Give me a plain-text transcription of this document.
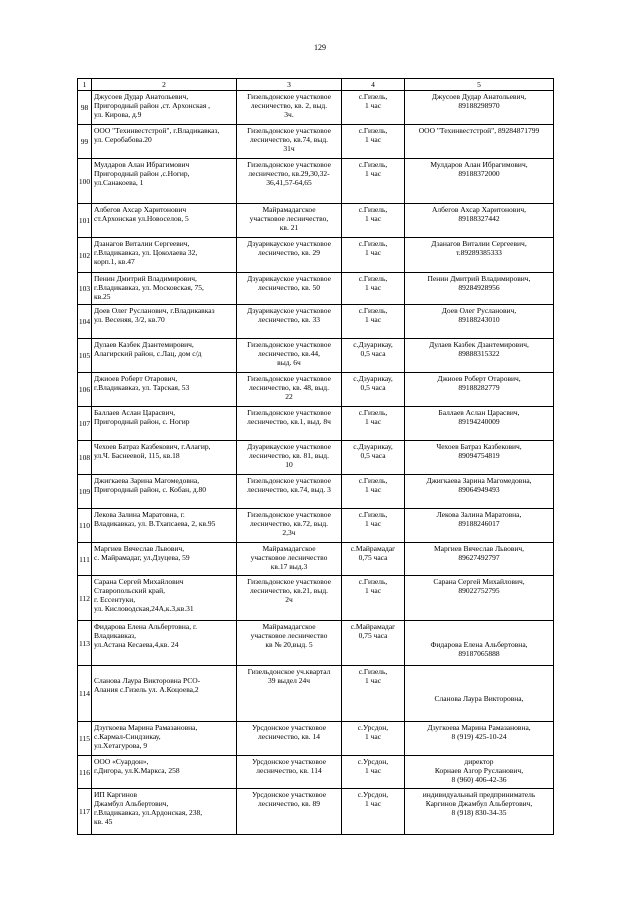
129
1	2	3	4	5
98	Джусоев Дудар Анатольевич,
Пригородный район ,ст. Архонская ,
ул. Кирова, д.9	Гизельдонское участковое
лесничество, кв. 2, выд.
3ч.	с.Гизель,
1 час	Джусоев Дудар Анатольевич,
89188298970

99	ООО "Техинвестстрой", г.Владикавказ,
ул. Серобабова.20	Гизельдонское участковое
лесничество, кв.74, выд.
31ч	с.Гизель,
1 час	ООО "Техинвестстрой", 89284871799

100	Мулдаров Алан Ибрагимович
Пригородный район ,с.Ногир,
ул.Санакоева, 1	Гизельдонское участковое
лесничество, кв.29,30,32-
36,41,57-64,65	с.Гизель,
1 час	Мулдаров Алан Ибрагимович,
89188372000

101	Албегов Ахсар Харитонович
ст.Архонская ул.Новоселов, 5	Майрамадагское
участковое лесничество,
кв. 21	с.Гизель,
1 час	Албегов Ахсар Харитонович,
89188327442

102	Дзанагов Виталии Сергеевич,
г.Владикавказ, ул. Цоколаева 32,
корп.1, кв.47	Дзуарикауское участковое
лесничество, кв. 29	с.Гизель,
1 час	Дзанагов Виталии Сергеевич,
т.89289385333

103	Пенин Дмитрий Владимирович,
г.Владикавказ, ул. Московская, 75,
кв.25	Дзуарикауское участковое
лесничество, кв. 50	с.Гизель,
1 час	Пенин Дмитрий Владимирович,
89284928956

104	Доев Олег Русланович, г.Владикавказ
ул. Весеняя, 3/2, кв.70	Дзуарикауское участковое
лесничество, кв. 33	с.Гизель,
1 час	Доев Олег Русланович,
89188243010

105	Дулаев Казбек Дзантемирович,
Алагирский район, с.Лац, дом с/д	Гизельдонское участковое
лесничество, кв.44,
выд. 6ч	с.Дзуарикау,
0,5 часа	Дулаев Казбек Дзантемирович,
89888315322

106	Джиоев Роберт Отарович,
г.Владикавказ, ул. Тарская, 53	Гизельдонское участковое
лесничество, кв. 48, выд.
22	с.Дзуарикау,
0,5 часа	Джиоев Роберт Отарович,
89188282779

107	Баллаев Аслан Царасвич,
Пригородный район, с. Ногир	Гизельдонское участковое
лесничество, кв.1, выд. 8ч	с.Гизель,
1 час	Баллаев Аслан Царасвич,
89194240009

108	Чехоев Батраз Казбекович, г.Алагир,
ул.Ч. Баснеевой, 115, кв.18	Дзуарикауское участковое
лесничество, кв. 81, выд.
10	с.Дзуарикау,
0,5 часа	Чехоев Батраз Казбекович,
89094754819

109	Джигкаева Зарина Магомедовна,
Пригородный район, с. Кобан, д.80	Гизельдонское участковое
лесничество, кв.74, выд. 3	с.Гизель,
1 час	Джигкаева Зарина Магомедовна,
89064949493

110	Лекова Залина Маратовна, г.
Владикавказ, ул. В.Тхапсаева, 2, кв.95	Гизельдонское участковое
лесничество, кв.72, выд.
2,3ч	с.Гизель,
1 час	Лекова Залина Маратовна,
89188246017

111	Маргиев Вячеслав Львович,
с. Майрамадаг, ул.Дзуцева, 59	Майрамадагское
участковое лесничество
кв.17 выд.3	с.Майрамадаг
0,75 часа	Маргиев Вячеслав Львович,
89627492797

112	Сарана Сергей Михайлович
Ставропольский край,
г. Ессентуки,
ул. Кисловодская,24А,к.3,кв.31	Гизельдонское участковое
лесничество, кв.21, выд.
2ч	с.Гизель,
1 час	Сарана Сергей Михайлович,
89022752795

113	Фидарова Елена Альбертовна, г.
Владикавказ,
ул.Астана Кесаева,4,кв. 24	Майрамадагское
участковое лесничество
кв № 20,выд. 5	с.Майрамадаг
0,75 часа	Фидарова Елена Альбертовна,
89187065888

114	Сланова Лаура Викторовна РСО-
Алания с.Гизель ул. А.Коцоева,2	Гизельдонское уч.квартал
39 выдел 24ч	с.Гизель,
1 час	Сланова Лаура Викторовна,

115	Дзугкоева Марина Рамазановна,
с.Кармал-Синдзикау,
ул.Хетагурова, 9	Урсдонское участковое
лесничество, кв. 14	с.Урсдон,
1 час	Дзугкоева Марина Рамазановна,
8 (919) 425-10-24

116	ООО «Суардон»,
г.Дигора, ул.К.Маркса, 258	Урсдонское участковое
лесничество, кв. 114	с.Урсдон,
1 час	директор
Корнаев Азгор Русланович,
8 (960) 406-42-36

117	ИП Каргинов
Джамбул Альбертович,
г.Владикавказ, ул.Ардонская, 238,
кв. 45	Урсдонское участковое
лесничество, кв. 89	с.Урсдон,
1 час	индивидуальный предприниматель
Каргинов Джамбул Альбертович,
8 (918) 830-34-35
